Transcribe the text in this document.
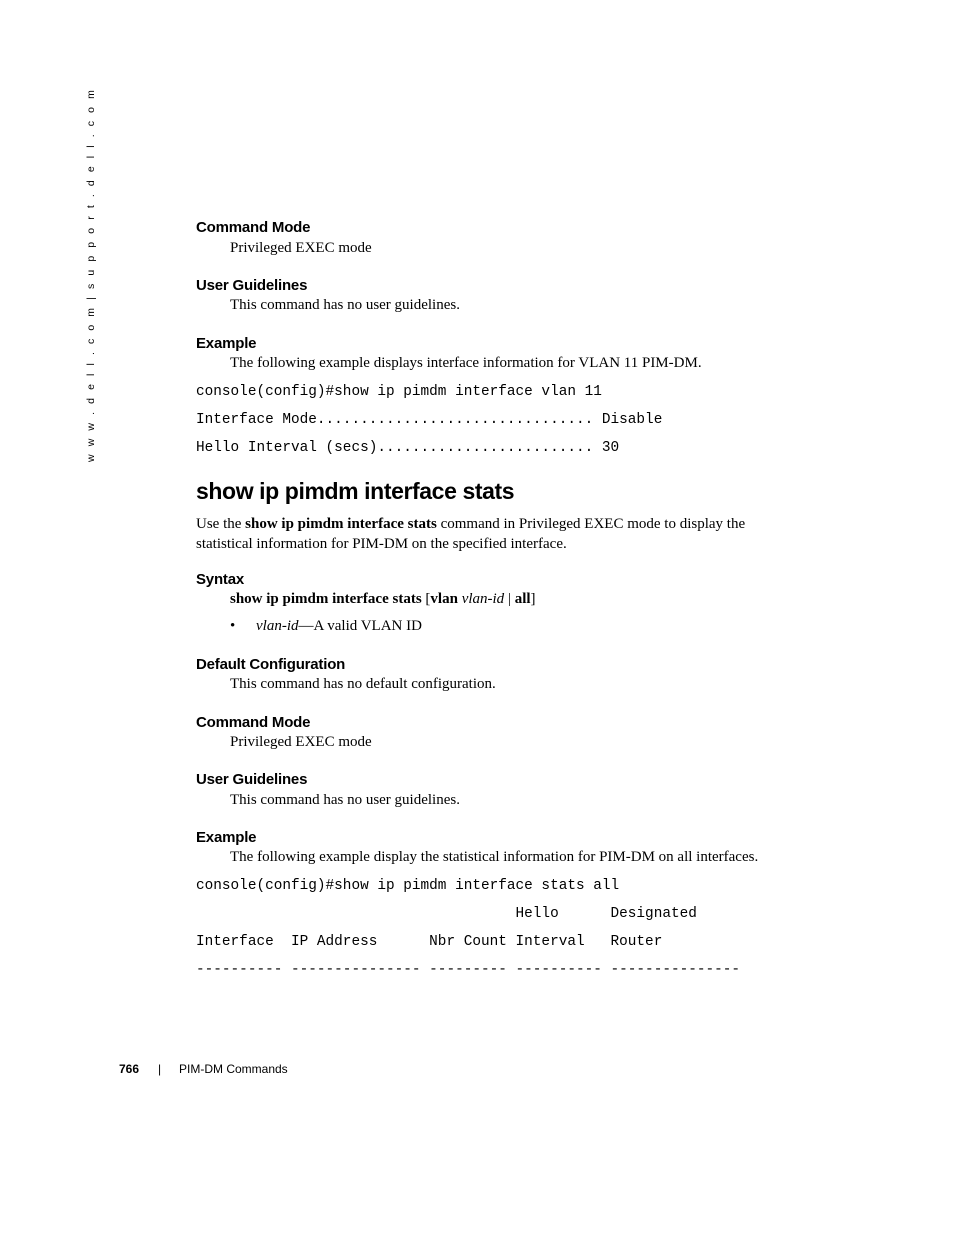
w w w . d e l l . c o m | s u p p o r t . d e l l . c o m	Command Mode
Privileged EXEC mode
User Guidelines
This command has no user guidelines.
Example
The following example displays interface information for VLAN 11 PIM-DM.
console(config)#show ip pimdm interface vlan 11
Interface Mode................................ Disable
Hello Interval (secs)......................... 30
show ip pimdm interface stats
Use the show ip pimdm interface stats command in Privileged EXEC mode to display the statistical information for PIM-DM on the specified interface.
Syntax
show ip pimdm interface stats [vlan vlan-id | all]
• vlan-id—A valid VLAN ID
Default Configuration
This command has no default configuration.
Command Mode
Privileged EXEC mode
User Guidelines
This command has no user guidelines.
Example
The following example display the statistical information for PIM-DM on all interfaces.
console(config)#show ip pimdm interface stats all
Hello      Designated
Interface  IP Address      Nbr Count Interval   Router
---------- --------------- --------- ---------- ---------------
766 | PIM-DM Commands
